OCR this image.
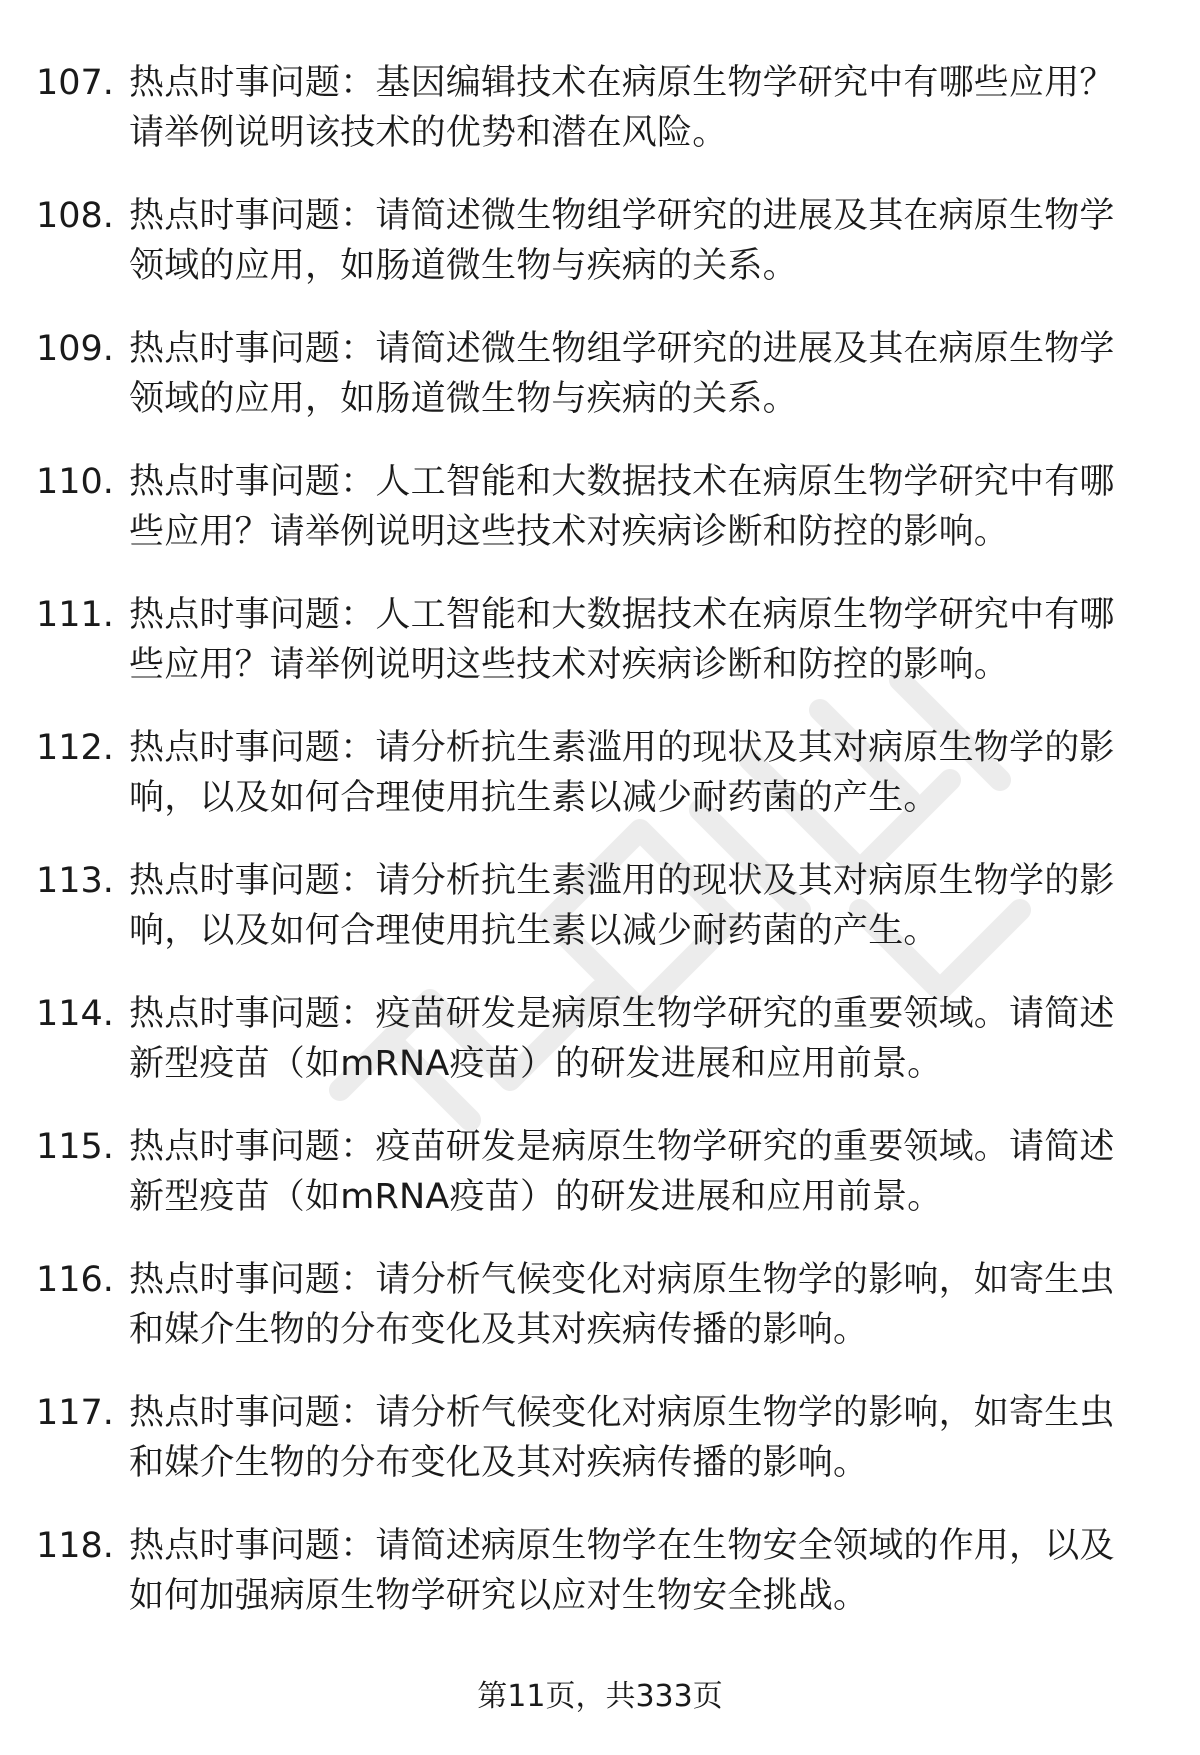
107. 热点时事问题：基因编辑技术在病原生物学研究中有哪些应用？请举例说明该技术的优势和潜在风险。
108. 热点时事问题：请简述微生物组学研究的进展及其在病原生物学领域的应用，如肠道微生物与疾病的关系。
109. 热点时事问题：请简述微生物组学研究的进展及其在病原生物学领域的应用，如肠道微生物与疾病的关系。
110. 热点时事问题：人工智能和大数据技术在病原生物学研究中有哪些应用？请举例说明这些技术对疾病诊断和防控的影响。
111. 热点时事问题：人工智能和大数据技术在病原生物学研究中有哪些应用？请举例说明这些技术对疾病诊断和防控的影响。
112. 热点时事问题：请分析抗生素滥用的现状及其对病原生物学的影响，以及如何合理使用抗生素以减少耐药菌的产生。
113. 热点时事问题：请分析抗生素滥用的现状及其对病原生物学的影响，以及如何合理使用抗生素以减少耐药菌的产生。
114. 热点时事问题：疫苗研发是病原生物学研究的重要领域。请简述新型疫苗（如mRNA疫苗）的研发进展和应用前景。
115. 热点时事问题：疫苗研发是病原生物学研究的重要领域。请简述新型疫苗（如mRNA疫苗）的研发进展和应用前景。
116. 热点时事问题：请分析气候变化对病原生物学的影响，如寄生虫和媒介生物的分布变化及其对疾病传播的影响。
117. 热点时事问题：请分析气候变化对病原生物学的影响，如寄生虫和媒介生物的分布变化及其对疾病传播的影响。
118. 热点时事问题：请简述病原生物学在生物安全领域的作用，以及如何加强病原生物学研究以应对生物安全挑战。
第11页，共333页
